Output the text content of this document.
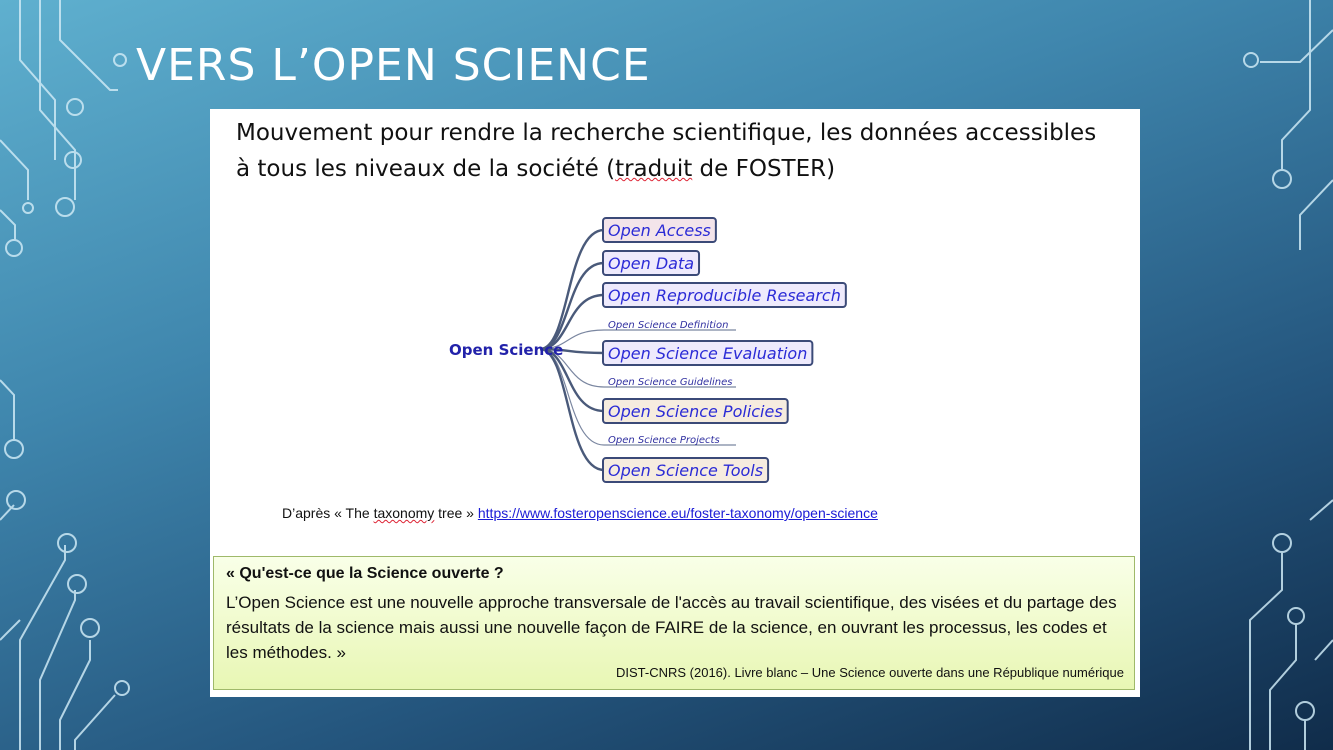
VERS L’OPEN SCIENCE
Mouvement pour rendre la recherche scientifique, les données accessibles à tous les niveaux de la société (traduit de FOSTER)
Open Access
Open Data
Open Reproducible Research
Open Science Definition
Open Science Evaluation
Open Science Guidelines
Open Science Policies
Open Science Projects
Open Science Tools
Open Science
D’après « The taxonomy tree » https://www.fosteropenscience.eu/foster-taxonomy/open-science
« Qu'est-ce que la Science ouverte ?
L’Open Science est une nouvelle approche transversale de l'accès au travail scientifique, des visées et du partage des résultats de la science mais aussi une nouvelle façon de FAIRE de la science, en ouvrant les processus, les codes et les méthodes. »
DIST-CNRS (2016). Livre blanc – Une Science ouverte dans une République numérique
